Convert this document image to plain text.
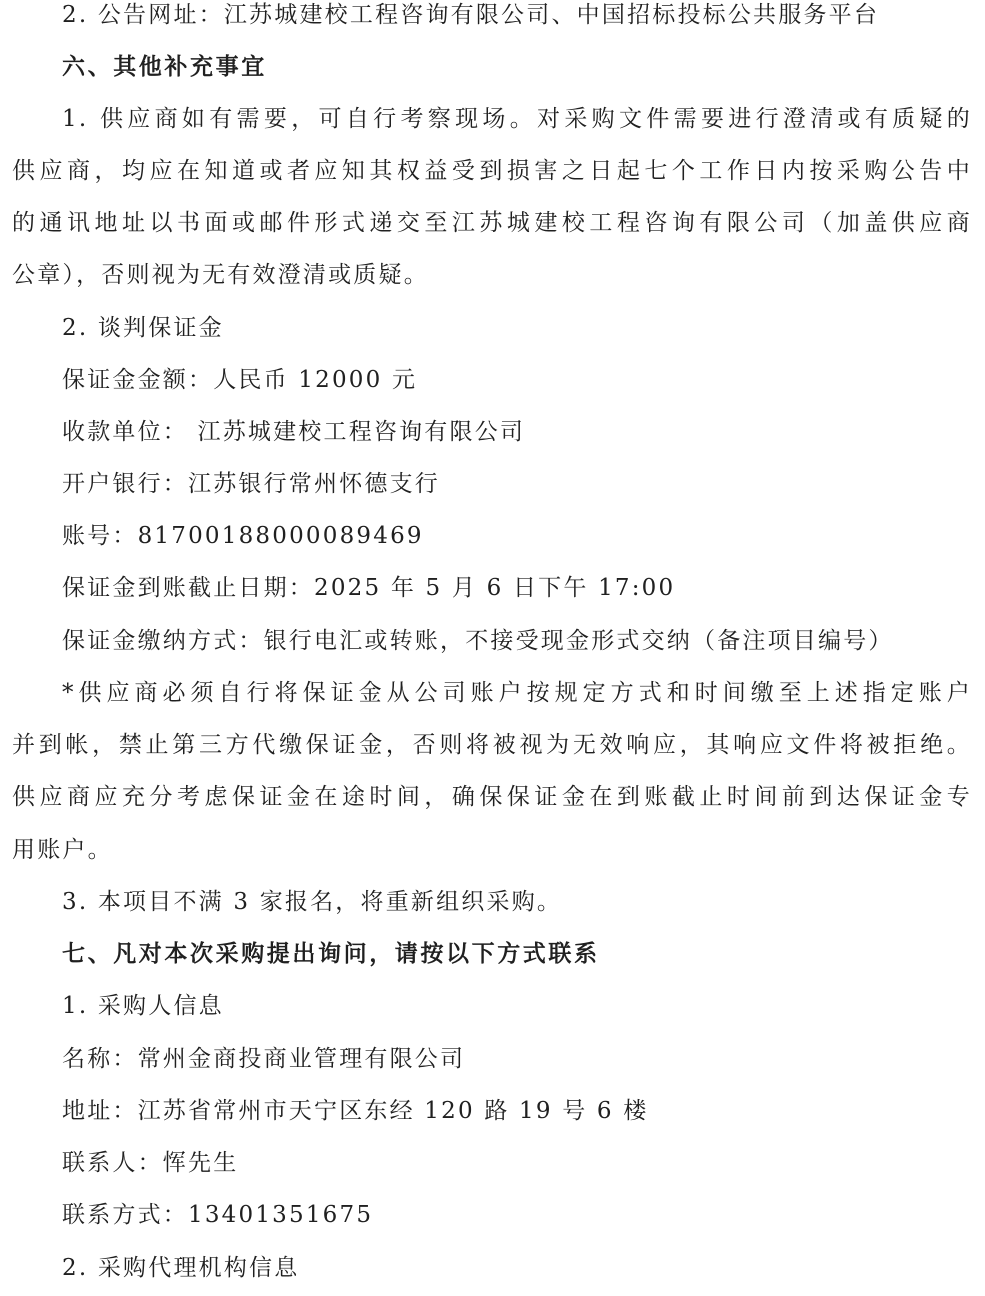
2. 公告网址：江苏城建校工程咨询有限公司、中国招标投标公共服务平台
六、其他补充事宜
1. 供应商如有需要，可自行考察现场。对采购文件需要进行澄清或有质疑的
供应商，均应在知道或者应知其权益受到损害之日起七个工作日内按采购公告中
的通讯地址以书面或邮件形式递交至江苏城建校工程咨询有限公司（加盖供应商
公章），否则视为无有效澄清或质疑。
2. 谈判保证金
保证金金额：人民币 12000 元
收款单位： 江苏城建校工程咨询有限公司
开户银行：江苏银行常州怀德支行
账号：81700188000089469
保证金到账截止日期：2025 年 5 月 6 日下午 17:00
保证金缴纳方式：银行电汇或转账，不接受现金形式交纳（备注项目编号）
*供应商必须自行将保证金从公司账户按规定方式和时间缴至上述指定账户
并到帐，禁止第三方代缴保证金，否则将被视为无效响应，其响应文件将被拒绝。
供应商应充分考虑保证金在途时间，确保保证金在到账截止时间前到达保证金专
用账户。
3. 本项目不满 3 家报名，将重新组织采购。
七、凡对本次采购提出询问，请按以下方式联系
1. 采购人信息
名称：常州金商投商业管理有限公司
地址：江苏省常州市天宁区东经 120 路 19 号 6 楼
联系人：恽先生
联系方式：13401351675
2. 采购代理机构信息
